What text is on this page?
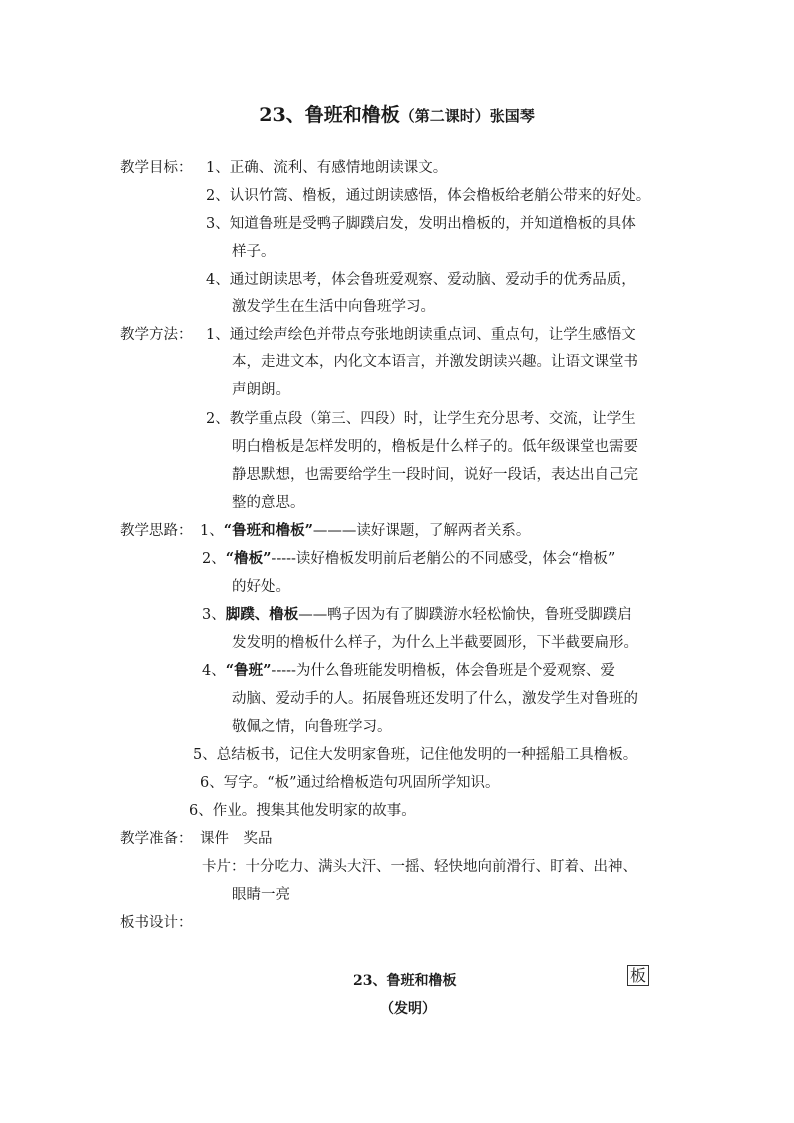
23、鲁班和橹板（第二课时）张国琴
教学目标： 1、正确、流利、有感情地朗读课文。
2、认识竹篙、橹板，通过朗读感悟，体会橹板给老艄公带来的好处。
3、知道鲁班是受鸭子脚蹼启发，发明出橹板的，并知道橹板的具体
样子。
4、通过朗读思考，体会鲁班爱观察、爱动脑、爱动手的优秀品质，
激发学生在生活中向鲁班学习。
教学方法： 1、通过绘声绘色并带点夸张地朗读重点词、重点句，让学生感悟文
本，走进文本，内化文本语言，并激发朗读兴趣。让语文课堂书
声朗朗。
2、教学重点段（第三、四段）时，让学生充分思考、交流，让学生
明白橹板是怎样发明的，橹板是什么样子的。低年级课堂也需要
静思默想，也需要给学生一段时间，说好一段话，表达出自己完
整的意思。
教学思路： 1、“鲁班和橹板”———读好课题，了解两者关系。
2、“橹板”-----读好橹板发明前后老艄公的不同感受，体会“橹板”
的好处。
3、脚蹼、橹板——鸭子因为有了脚蹼游水轻松愉快，鲁班受脚蹼启
发发明的橹板什么样子，为什么上半截要圆形，下半截要扁形。
4、“鲁班”-----为什么鲁班能发明橹板，体会鲁班是个爱观察、爱
动脑、爱动手的人。拓展鲁班还发明了什么，激发学生对鲁班的
敬佩之情，向鲁班学习。
5、总结板书，记住大发明家鲁班，记住他发明的一种摇船工具橹板。
6、写字。“板”通过给橹板造句巩固所学知识。
6、作业。搜集其他发明家的故事。
教学准备： 课件　奖品
卡片：十分吃力、满头大汗、一摇、轻快地向前滑行、盯着、出神、
眼睛一亮
板书设计：
23、鲁班和橹板	板
（发明）
